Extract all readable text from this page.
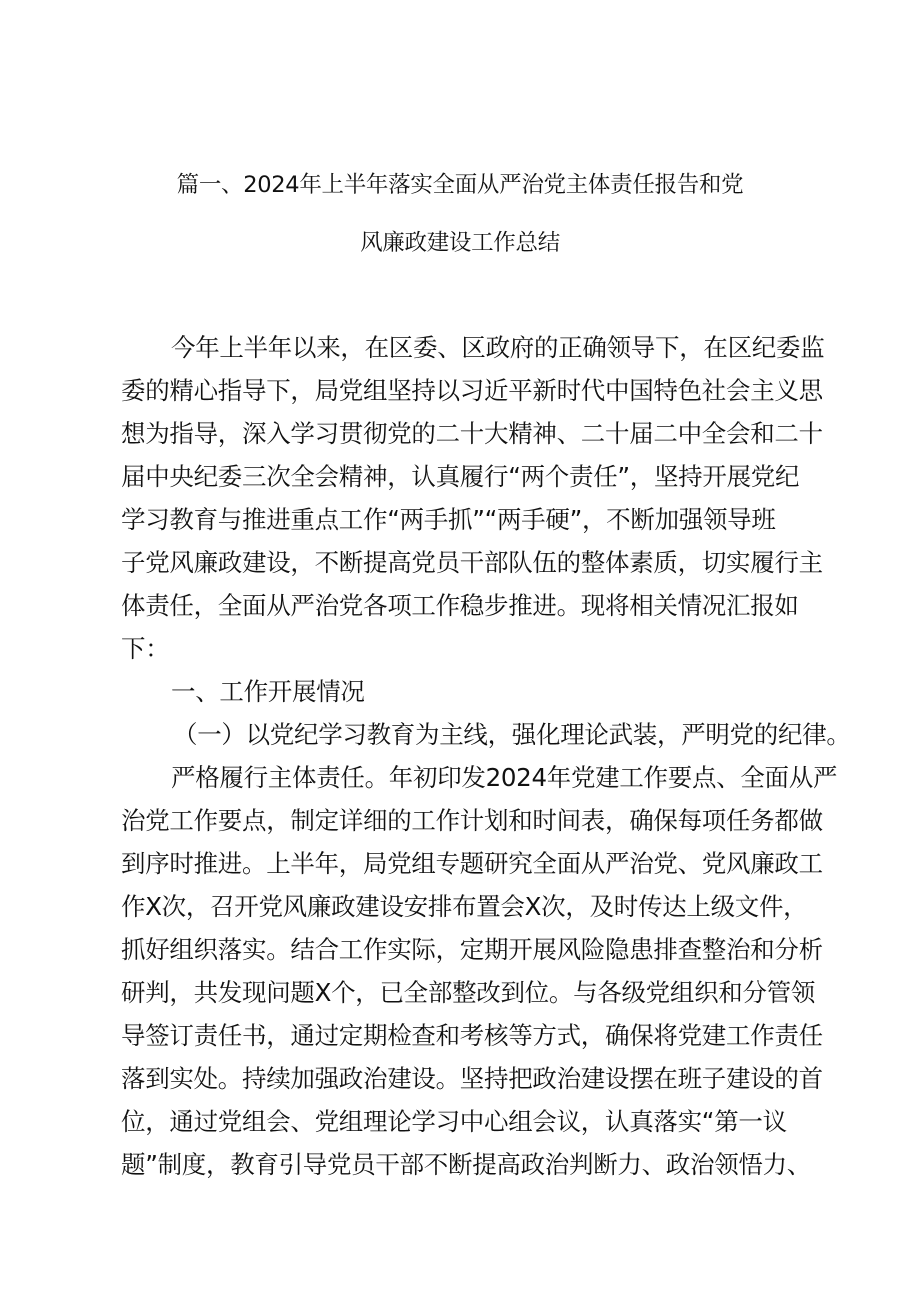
篇一、2024年上半年落实全面从严治党主体责任报告和党
风廉政建设工作总结
今年上半年以来，在区委、区政府的正确领导下，在区纪委监
委的精心指导下，局党组坚持以习近平新时代中国特色社会主义思
想为指导，深入学习贯彻党的二十大精神、二十届二中全会和二十
届中央纪委三次全会精神，认真履行“两个责任”，坚持开展党纪
学习教育与推进重点工作“两手抓”“两手硬”，不断加强领导班
子党风廉政建设，不断提高党员干部队伍的整体素质，切实履行主
体责任，全面从严治党各项工作稳步推进。现将相关情况汇报如
下：
一、工作开展情况
（一）以党纪学习教育为主线，强化理论武装，严明党的纪律。
严格履行主体责任。年初印发2024年党建工作要点、全面从严
治党工作要点，制定详细的工作计划和时间表，确保每项任务都做
到序时推进。上半年，局党组专题研究全面从严治党、党风廉政工
作X次，召开党风廉政建设安排布置会X次，及时传达上级文件，
抓好组织落实。结合工作实际，定期开展风险隐患排查整治和分析
研判，共发现问题X个，已全部整改到位。与各级党组织和分管领
导签订责任书，通过定期检查和考核等方式，确保将党建工作责任
落到实处。持续加强政治建设。坚持把政治建设摆在班子建设的首
位，通过党组会、党组理论学习中心组会议，认真落实“第一议
题”制度，教育引导党员干部不断提高政治判断力、政治领悟力、
